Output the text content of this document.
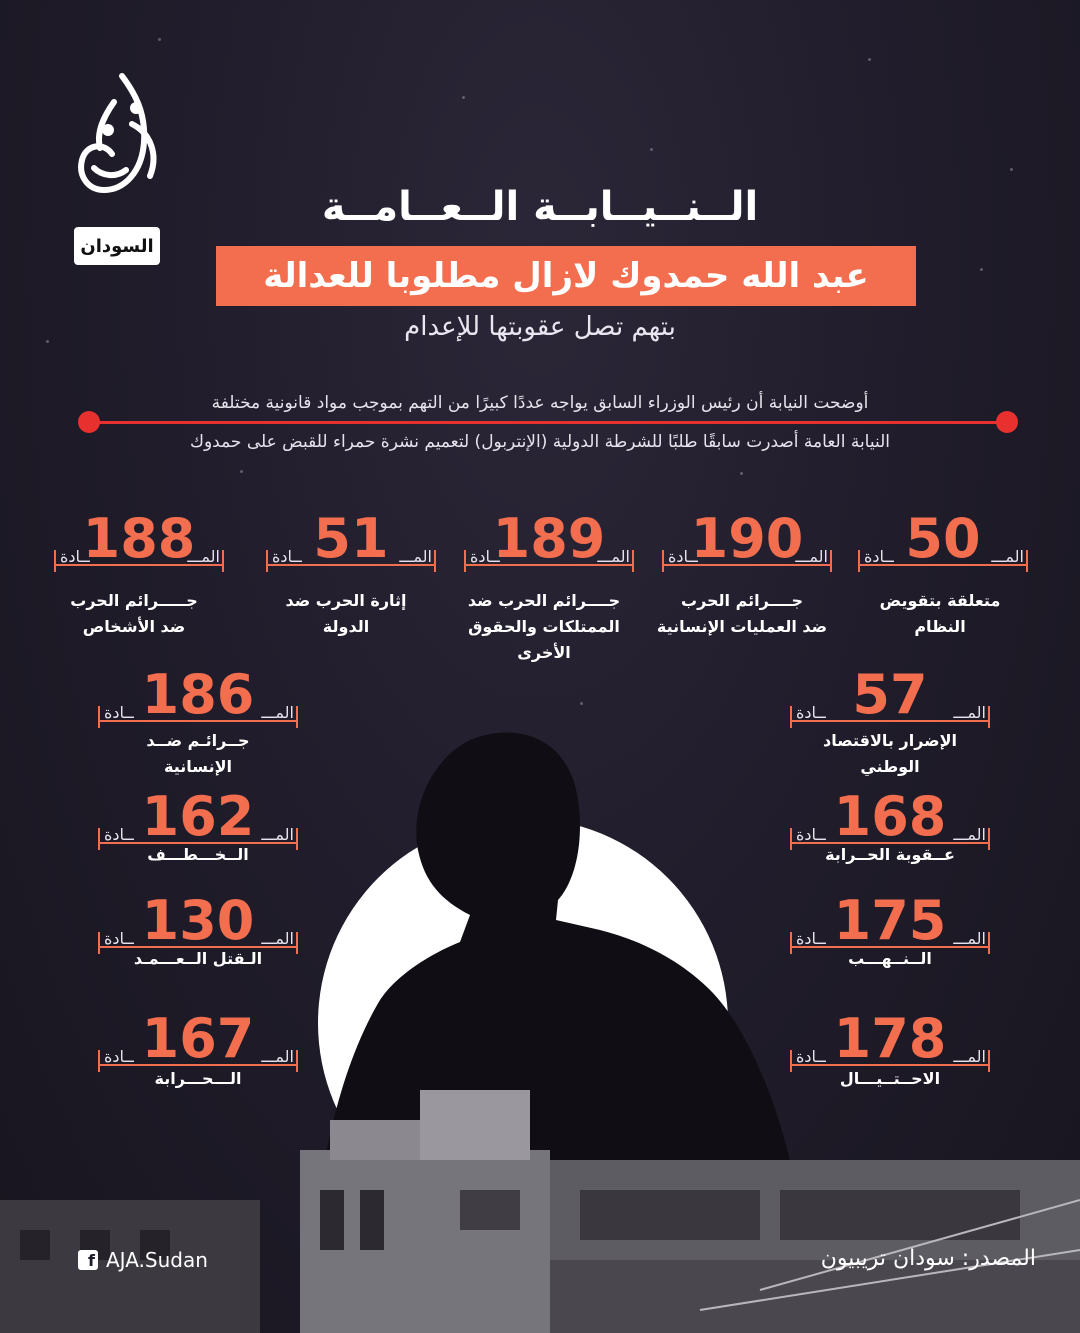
السودان
الــنــيــابــة الــعــامــة
عبد الله حمدوك لازال مطلوبا للعدالة
بتهم تصل عقوبتها للإعدام
أوضحت النيابة أن رئيس الوزراء السابق يواجه عددًا كبيرًا من التهم بموجب مواد قانونية مختلفة
النيابة العامة أصدرت سابقًا طلبًا للشرطة الدولية (الإنتربول) لتعميم نشرة حمراء للقبض على حمدوك
f AJA.Sudan	المصدر: سودان تريبيون
المـــ
ــادة 50
متعلقة بتقويض
النظام
المـــ
ــادة
190
جــــرائم الحرب
ضد العمليات الإنسانية
المـــ
ــادة
189
جــــرائم الحرب ضد
الممتلكات والحقوق
الأخرى
المـــ
ــادة 51
إثارة الحرب ضد
الدولة
المـــ
ــادة
188
جـــــرائم الحرب
ضد الأشخاص
المـــ
ــادة 57
الإضرار بالاقتصاد
الوطني
المـــ
ــادة 186
جــرائـم ضــد
الإنسانية
المـــ
ــادة 168
عــقوبة الحــرابة
المـــ
ــادة 162
الــخـــطـــف
المـــ
ــادة 175
الــنــهـــب
المـــ
ــادة 130
الـقتل الــعـــمـد
المـــ
ــادة 178
الاحــتــيـــال
المـــ
ــادة 167
الـــحـــرابة
